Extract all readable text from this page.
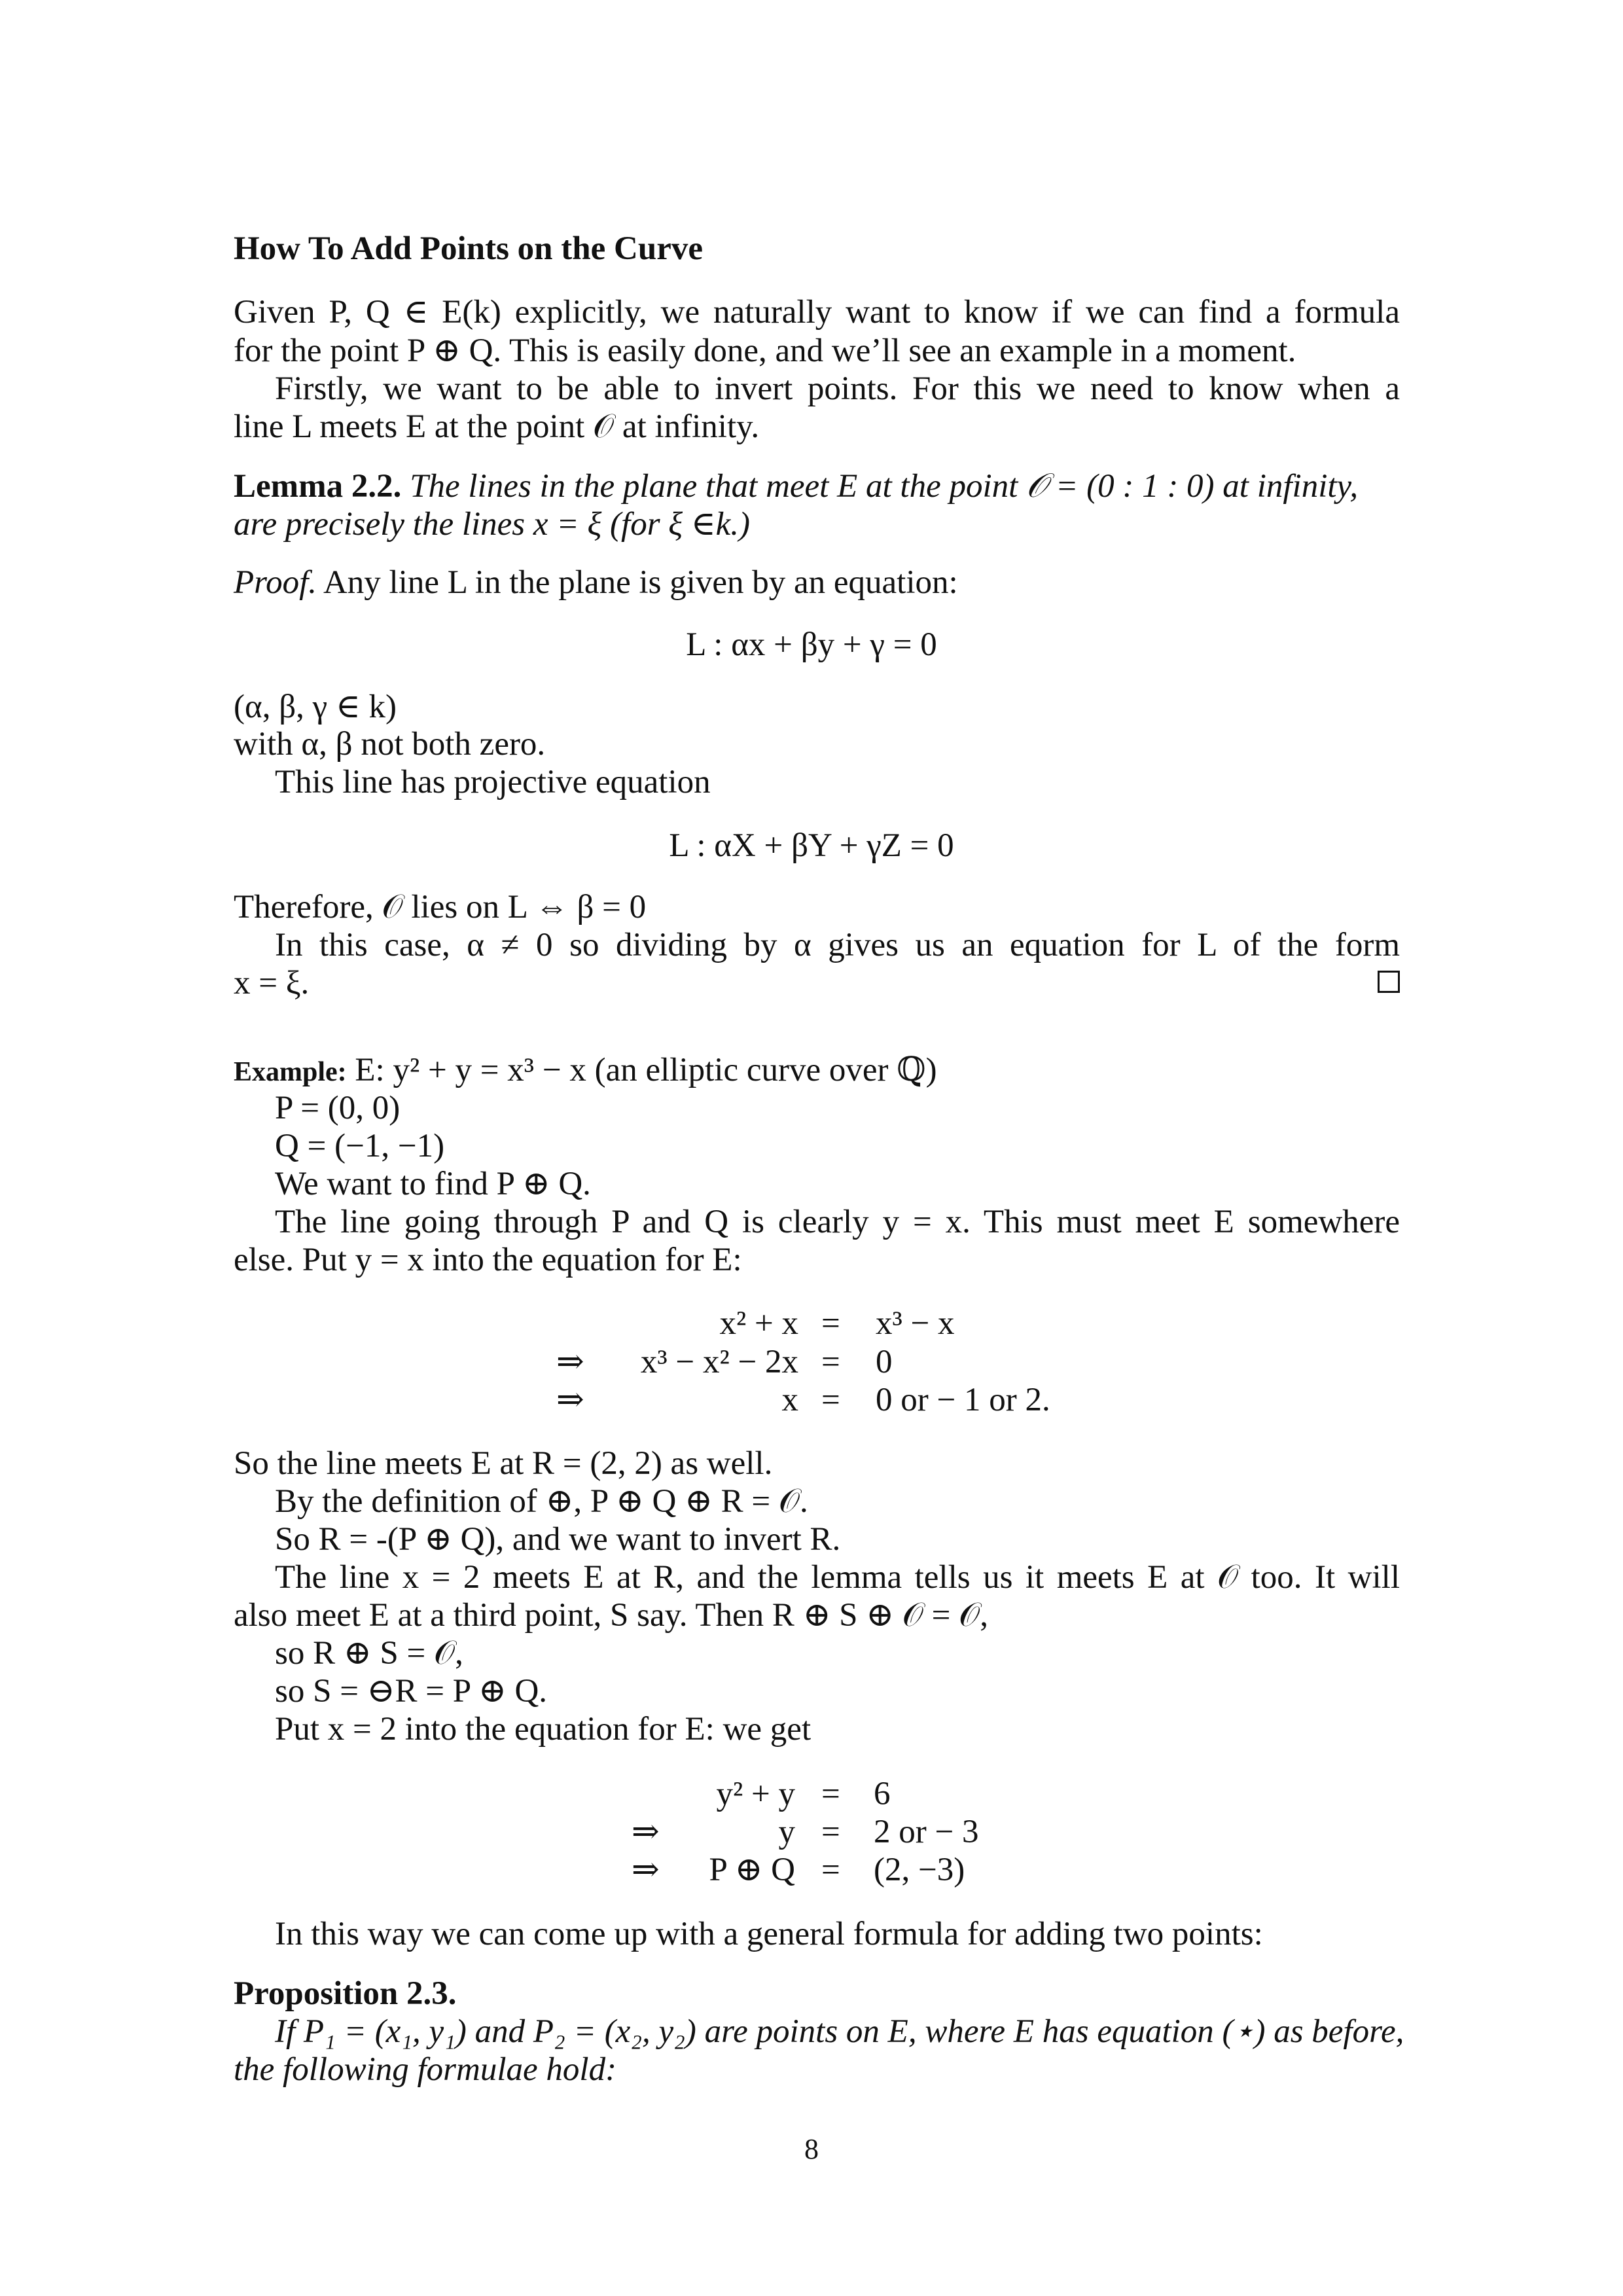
How To Add Points on the Curve
Given P, Q ∈ E(k) explicitly, we naturally want to know if we can find a formula
for the point P ⊕ Q. This is easily done, and we’ll see an example in a moment.
Firstly, we want to be able to invert points. For this we need to know when a
line L meets E at the point 𝒪 at infinity.
Lemma 2.2. The lines in the plane that meet E at the point 𝒪 = (0 : 1 : 0) at infinity,
are precisely the lines x = ξ (for ξ ∈k.)
Proof. Any line L in the plane is given by an equation:
L : αx + βy + γ = 0
(α, β, γ ∈ k)
with α, β not both zero.
This line has projective equation
L : αX + βY + γZ = 0
Therefore, 𝒪 lies on L ⇔ β = 0
In this case, α ≠ 0 so dividing by α gives us an equation for L of the form
x = ξ.
Example: E: y² + y = x³ − x (an elliptic curve over ℚ)
P = (0, 0)
Q = (−1, −1)
We want to find P ⊕ Q.
The line going through P and Q is clearly y = x. This must meet E somewhere
else. Put y = x into the equation for E:
x² + x = x³ − x
⇒	x³ − x² − 2x = 0
⇒	x = 0 or − 1 or 2.
So the line meets E at R = (2, 2) as well.
By the definition of ⊕, P ⊕ Q ⊕ R = 𝒪.
So R = -(P ⊕ Q), and we want to invert R.
The line x = 2 meets E at R, and the lemma tells us it meets E at 𝒪 too. It will
also meet E at a third point, S say. Then R ⊕ S ⊕ 𝒪 = 𝒪,
so R ⊕ S = 𝒪,
so S = ⊖R = P ⊕ Q.
Put x = 2 into the equation for E: we get
y² + y = 6
⇒	y = 2 or − 3
⇒	P ⊕ Q = (2, −3)
In this way we can come up with a general formula for adding two points:
Proposition 2.3.
If P₁ = (x₁, y₁) and P₂ = (x₂, y₂) are points on E, where E has equation (⋆) as before,
the following formulae hold:
8
